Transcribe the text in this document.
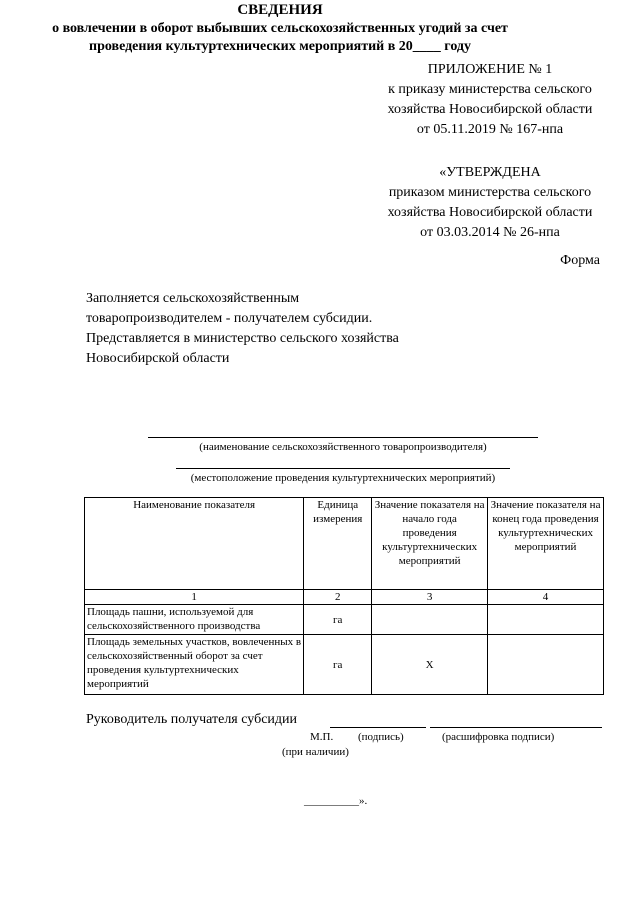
ПРИЛОЖЕНИЕ № 1
к приказу министерства сельского
хозяйства Новосибирской области
от 05.11.2019 № 167-нпа
«УТВЕРЖДЕНА
приказом министерства сельского
хозяйства Новосибирской области
от 03.03.2014 № 26-нпа
Форма
Заполняется сельскохозяйственным
товаропроизводителем - получателем субсидии.
Представляется в министерство сельского хозяйства
Новосибирской области
СВЕДЕНИЯ
о вовлечении в оборот выбывших сельскохозяйственных угодий за счет
проведения культуртехнических мероприятий в 20____ году
(наименование сельскохозяйственного товаропроизводителя)
(местоположение проведения культуртехнических мероприятий)
Наименование показателя	Единица измерения	Значение показателя на начало года проведения культуртехнических мероприятий	Значение показателя на конец года проведения культуртехнических мероприятий
1	2	3	4
Площадь пашни, используемой для сельскохозяйственного производства	га		
Площадь земельных участков, вовлеченных в сельскохозяйственный оборот за счет проведения культуртехнических мероприятий	га	X	
Руководитель получателя субсидии
М.П. (подпись)	(расшифровка подписи)
(при наличии)
__________».
